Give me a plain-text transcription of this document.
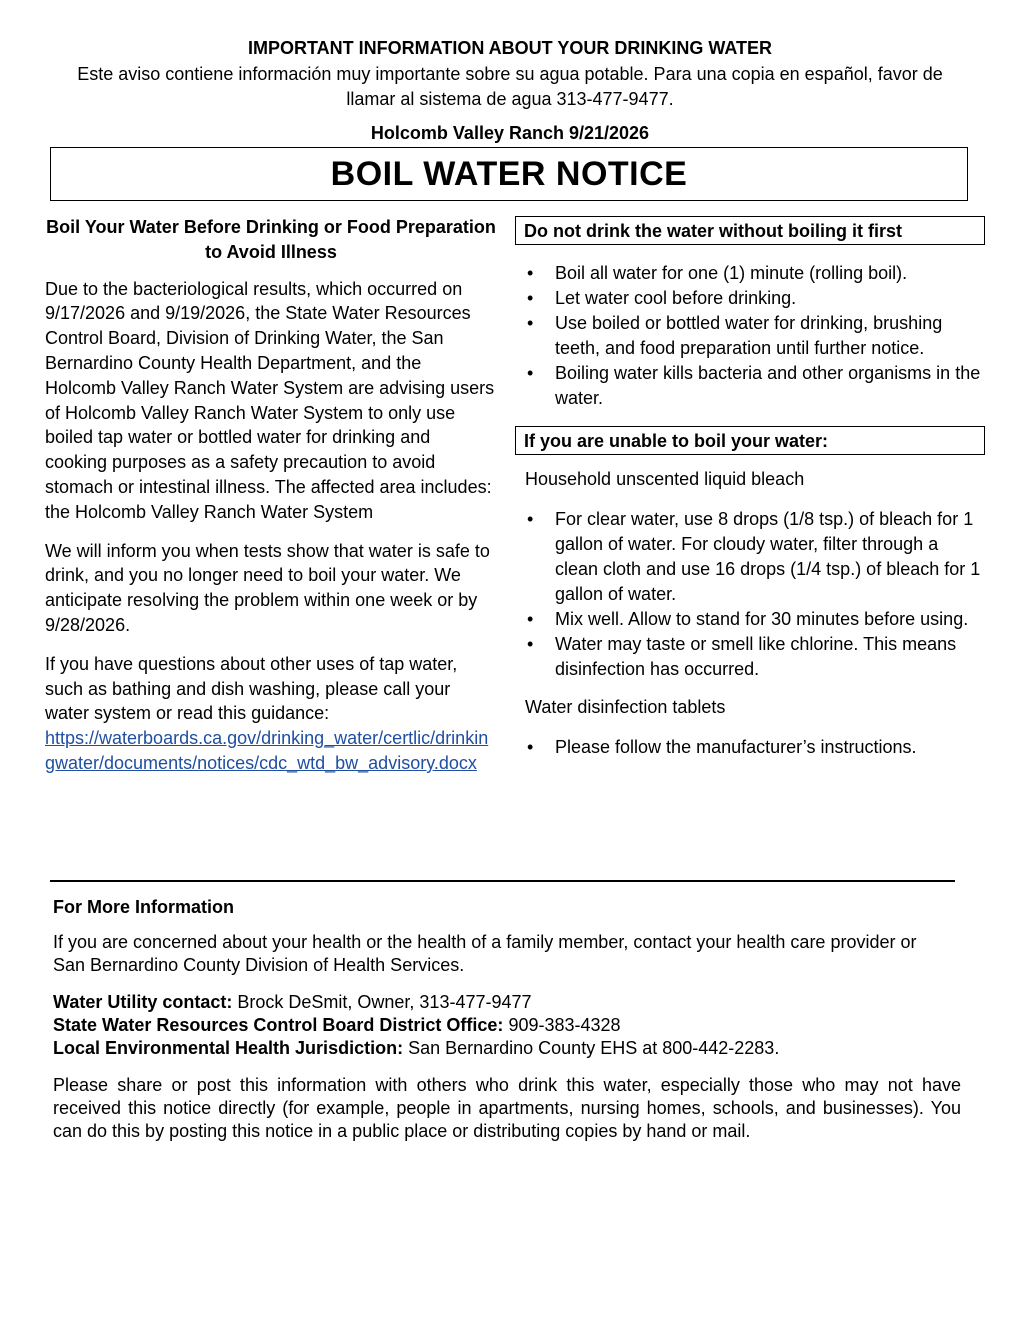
IMPORTANT INFORMATION ABOUT YOUR DRINKING WATER
Este aviso contiene información muy importante sobre su agua potable. Para una copia en español, favor de llamar al sistema de agua 313-477-9477.
Holcomb Valley Ranch 9/21/2026
BOIL WATER NOTICE
Boil Your Water Before Drinking or Food Preparation to Avoid Illness

Due to the bacteriological results, which occurred on 9/17/2026 and 9/19/2026, the State Water Resources Control Board, Division of Drinking Water, the San Bernardino County Health Department, and the Holcomb Valley Ranch Water System are advising users of Holcomb Valley Ranch Water System to only use boiled tap water or bottled water for drinking and cooking purposes as a safety precaution to avoid stomach or intestinal illness. The affected area includes: the Holcomb Valley Ranch Water System

We will inform you when tests show that water is safe to drink, and you no longer need to boil your water. We anticipate resolving the problem within one week or by 9/28/2026.

If you have questions about other uses of tap water, such as bathing and dish washing, please call your water system or read this guidance:
https://waterboards.ca.gov/drinking_water/certlic/drinkingwater/documents/notices/cdc_wtd_bw_advisory.docx

Do not drink the water without boiling it first
• Boil all water for one (1) minute (rolling boil).
• Let water cool before drinking.
• Use boiled or bottled water for drinking, brushing teeth, and food preparation until further notice.
• Boiling water kills bacteria and other organisms in the water.
If you are unable to boil your water:
Household unscented liquid bleach
• For clear water, use 8 drops (1/8 tsp.) of bleach for 1 gallon of water. For cloudy water, filter through a clean cloth and use 16 drops (1/4 tsp.) of bleach for 1 gallon of water.
• Mix well. Allow to stand for 30 minutes before using.
• Water may taste or smell like chlorine. This means disinfection has occurred.
Water disinfection tablets
• Please follow the manufacturer’s instructions.

For More Information

If you are concerned about your health or the health of a family member, contact your health care provider or San Bernardino County Division of Health Services.

Water Utility contact: Brock DeSmit, Owner, 313-477-9477
State Water Resources Control Board District Office: 909-383-4328
Local Environmental Health Jurisdiction: San Bernardino County EHS at 800-442-2283.

Please share or post this information with others who drink this water, especially those who may not have received this notice directly (for example, people in apartments, nursing homes, schools, and businesses). You can do this by posting this notice in a public place or distributing copies by hand or mail.
